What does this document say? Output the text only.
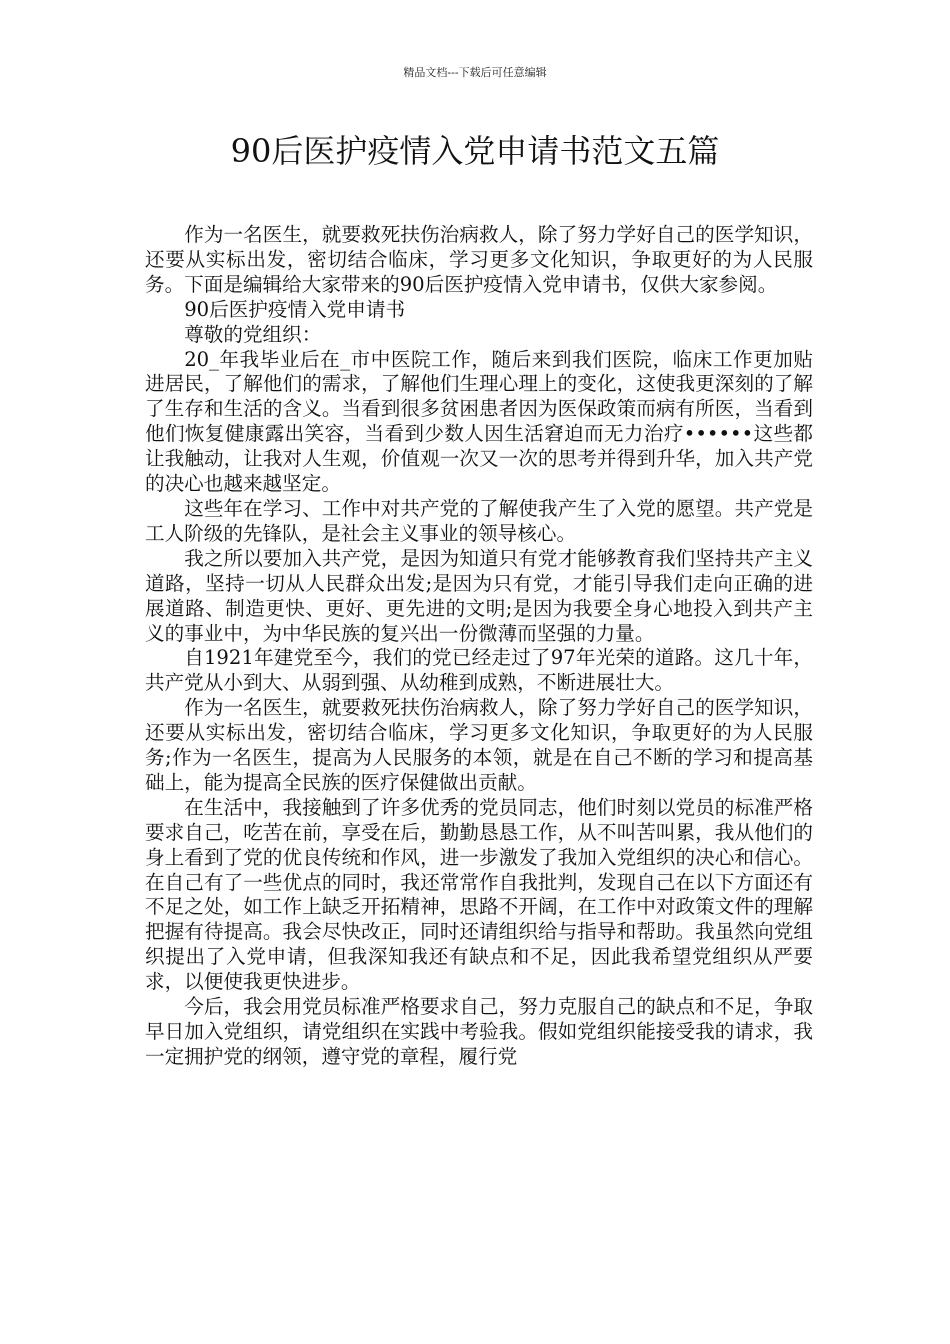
精品文档---下载后可任意编辑
90后医护疫情入党申请书范文五篇

作为一名医生，就要救死扶伤治病救人，除了努力学好自己的医学知识，还要从实标出发，密切结合临床，学习更多文化知识，争取更好的为人民服务。下面是编辑给大家带来的90后医护疫情入党申请书，仅供大家参阅。

90后医护疫情入党申请书

尊敬的党组织：

20_年我毕业后在_市中医院工作，随后来到我们医院，临床工作更加贴进居民，了解他们的需求，了解他们生理心理上的变化，这使我更深刻的了解了生存和生活的含义。当看到很多贫困患者因为医保政策而病有所医，当看到他们恢复健康露出笑容，当看到少数人因生活窘迫而无力治疗••••••这些都让我触动，让我对人生观，价值观一次又一次的思考并得到升华，加入共产党的决心也越来越坚定。

这些年在学习、工作中对共产党的了解使我产生了入党的愿望。共产党是工人阶级的先锋队，是社会主义事业的领导核心。

我之所以要加入共产党，是因为知道只有党才能够教育我们坚持共产主义道路，坚持一切从人民群众出发;是因为只有党，才能引导我们走向正确的进展道路、制造更快、更好、更先进的文明;是因为我要全身心地投入到共产主义的事业中，为中华民族的复兴出一份微薄而坚强的力量。

自1921年建党至今，我们的党已经走过了97年光荣的道路。这几十年，共产党从小到大、从弱到强、从幼稚到成熟，不断进展壮大。

作为一名医生，就要救死扶伤治病救人，除了努力学好自己的医学知识，还要从实标出发，密切结合临床，学习更多文化知识，争取更好的为人民服务;作为一名医生，提高为人民服务的本领，就是在自己不断的学习和提高基础上，能为提高全民族的医疗保健做出贡献。

在生活中，我接触到了许多优秀的党员同志，他们时刻以党员的标准严格要求自己，吃苦在前，享受在后，勤勤恳恳工作，从不叫苦叫累，我从他们的身上看到了党的优良传统和作风，进一步激发了我加入党组织的决心和信心。在自己有了一些优点的同时，我还常常作自我批判，发现自己在以下方面还有不足之处，如工作上缺乏开拓精神，思路不开阔，在工作中对政策文件的理解把握有待提高。我会尽快改正，同时还请组织给与指导和帮助。我虽然向党组织提出了入党申请，但我深知我还有缺点和不足，因此我希望党组织从严要求，以便使我更快进步。

今后，我会用党员标准严格要求自己，努力克服自己的缺点和不足，争取早日加入党组织，请党组织在实践中考验我。假如党组织能接受我的请求，我一定拥护党的纲领，遵守党的章程，履行党
